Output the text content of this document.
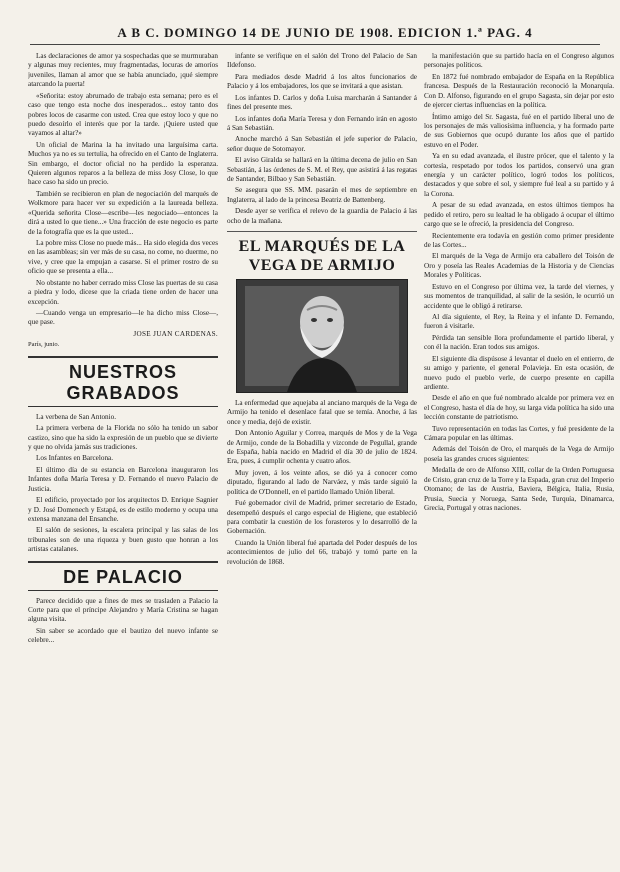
A B C. DOMINGO 14 DE JUNIO DE 1908. EDICION 1.ª PAG. 4

Las declaraciones de amor ya sospechadas que se murmuraban y algunas muy recientes, muy fragmentadas, locuras de amoríos juveniles, llaman al amor que se había anunciado, ¡qué siempre atarcando la puerta!

«Señorita: estoy abrumado de trabajo esta semana; pero es el caso que tengo esta noche dos inesperados... estoy tanto dos pobres locos de casarme con usted. Crea que estoy loco y que no puedo desoírlo el interés que por la tarde. ¡Quiere usted que vayamos al altar?»

Un oficial de Marina la ha invitado una larguísima carta. Muchos ya no es su tertulia, ha ofrecido en el Canto de Inglaterra. Sin embargo, el doctor oficial no ha perdido la esperanza. Quieren algunos reparos a la belleza de miss Josy Close, lo que hace caso ha sido un precio.

También se recibieron en plan de negociación del marqués de Wolkmore para hacer ver su expedición a la laureada belleza. «Querida señorita Close—escribe—les negociado—entonces la dirá a usted lo que tiene...» Una fracción de este negocio es parte de la fotografía que es la que usted...

La pobre miss Close no puede más... Ha sido elegida dos veces en las asambleas; sin ver más de su casa, no come, no duerme, no vive, y cree que la empujan a casarse. Si el primer rostro de su oficio que se presenta a ella...

No obstante no haber cerrado miss Close las puertas de su casa a piedra y lodo, dicese que la criada tiene orden de hacer una excepción.

—Cuando venga un empresario—le ha dicho miss Close—, que pase.

JOSE JUAN CARDENAS.

París, junio.

NUESTROS GRABADOS

La verbena de San Antonio.

La primera verbena de la Florida no sólo ha tenido un sabor castizo, sino que ha sido la expresión de un pueblo que se divierte y que no olvida jamás sus tradiciones.

Los Infantes en Barcelona.

El último día de su estancia en Barcelona inauguraron los Infantes doña María Teresa y D. Fernando el nuevo Palacio de Justicia.

El edificio, proyectado por los arquitectos D. Enrique Sagnier y D. José Domenech y Estapá, es de estilo moderno y ocupa una extensa manzana del Ensanche.

El salón de sesiones, la escalera principal y las salas de los tribunales son de una riqueza y buen gusto que honran a los artistas catalanes.

DE PALACIO

Parece decidido que a fines de mes se trasladen a Palacio la Corte para que el príncipe Alejandro y María Cristina se hagan alguna visita.

Sin saber se acordado que el bautizo del nuevo infante se celebre...

infante se verifique en el salón del Trono del Palacio de San Ildefonso.

Para mediados desde Madrid á los altos funcionarios de Palacio y á los embajadores, los que se invitará a que asistan.

Los infantes D. Carlos y doña Luisa marcharán á Santander á fines del presente mes.

Los infantes doña María Teresa y don Fernando irán en agosto á San Sebastián.

Anoche marchó á San Sebastián el jefe superior de Palacio, señor duque de Sotomayor.

El aviso Giralda se hallará en la última decena de julio en San Sebastián, á las órdenes de S. M. el Rey, que asistirá á las regatas de Santander, Bilbao y San Sebastián.

Se asegura que SS. MM. pasarán el mes de septiembre en Inglaterra, al lado de la princesa Beatriz de Battenberg.

Desde ayer se verifica el relevo de la guardia de Palacio á las ocho de la mañana.

EL MARQUÉS DE LA VEGA DE ARMIJO

La enfermedad que aquejaba al anciano marqués de la Vega de Armijo ha tenido el desenlace fatal que se temía. Anoche, á las once y media, dejó de existir.

Don Antonio Aguilar y Correa, marqués de Mos y de la Vega de Armijo, conde de la Bobadilla y vizconde de Pegullal, grande de España, había nacido en Madrid el día 30 de julio de 1824. Era, pues, á cumplir ochenta y cuatro años.

Muy joven, á los veinte años, se dió ya á conocer como diputado, figurando al lado de Narváez, y más tarde siguió la política de O'Donnell, en el partido llamado Unión liberal.

Fué gobernador civil de Madrid, primer secretario de Estado, desempeñó después el cargo especial de Higiene, que estableció para combatir la cuestión de los forasteros y lo desarrolló de la Gobernación.

Cuando la Unión liberal fué apartada del Poder después de los acontecimientos de julio del 66, trabajó y tomó parte en la revolución de 1868.

la manifestación que su partido hacía en el Congreso algunos personajes políticos.

En 1872 fué nombrado embajador de España en la República francesa. Después de la Restauración reconoció la Monarquía. Con D. Alfonso, figurando en el grupo Sagasta, sin dejar por esto de ejercer ciertas influencias en la política.

Íntimo amigo del Sr. Sagasta, fué en el partido liberal uno de los personajes de más valiosísima influencia, y ha formado parte de sus Gobiernos que ocupó durante los años que el partido estuvo en el Poder.

Ya en su edad avanzada, el ilustre prócer, que el talento y la cortesía, respetado por todos los partidos, conservó una gran energía y un carácter político, logró todos los políticos, destacados y que sobre el sol, y siempre fué leal a su partido y á la Corona.

A pesar de su edad avanzada, en estos últimos tiempos ha pedido el retiro, pero su lealtad le ha obligado á ocupar el último cargo que se le ofreció, la presidencia del Congreso.

Recientemente era todavía en gestión como primer presidente de las Cortes...

El marqués de la Vega de Armijo era caballero del Toisón de Oro y poseía las Reales Academias de la Historia y de Ciencias Morales y Políticas.

Estuvo en el Congreso por última vez, la tarde del viernes, y sus momentos de tranquilidad, al salir de la sesión, le ocurrió un accidente que le obligó á retirarse.

Al día siguiente, el Rey, la Reina y el infante D. Fernando, fueron á visitarle.

Pérdida tan sensible llora profundamente el partido liberal, y con él la nación. Eran todos sus amigos.

El siguiente día dispúsose á levantar el duelo en el entierro, de su amigo y pariente, el general Polavieja. En esta ocasión, de nuevo pudo el pueblo verle, de cuerpo presente en capilla ardiente.

Desde el año en que fué nombrado alcalde por primera vez en el Congreso, hasta el día de hoy, su larga vida política ha sido una lección constante de patriotismo.

Tuvo representación en todas las Cortes, y fué presidente de la Cámara popular en las últimas.

Además del Toisón de Oro, el marqués de la Vega de Armijo poseía las grandes cruces siguientes:

Medalla de oro de Alfonso XIII, collar de la Orden Portuguesa de Cristo, gran cruz de la Torre y la Espada, gran cruz del Imperio Otomano; de las de Austria, Baviera, Bélgica, Italia, Rusia, Prusia, Suecia y Noruega, Santa Sede, Turquía, Dinamarca, Grecia, Portugal y otras naciones.
